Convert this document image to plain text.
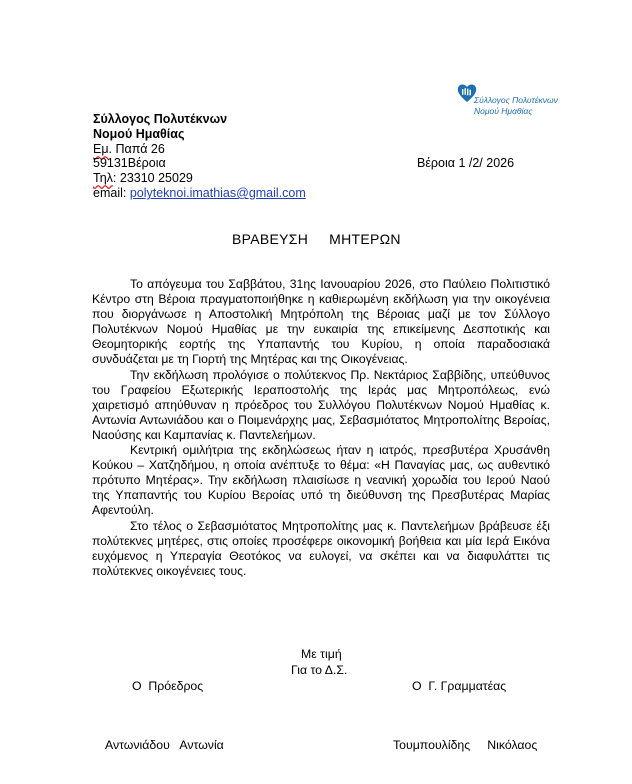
Σύλλογος Πολυτέκνων
Νομού Ημαθίας
Σύλλογος Πολυτέκνων
Νομού Ημαθίας
Εμ. Παπά 26
59131Βέροια
Τηλ: 23310 25029
email: polyteknoi.imathias@gmail.com
Βέροια 1 /2/ 2026
ΒΡΑΒΕΥΣΗ     ΜΗΤΕΡΩΝ

Το απόγευμα του Σαββάτου, 31ης Ιανουαρίου 2026, στο Παύλειο Πολιτιστικό Κέντρο στη Βέροια πραγματοποιήθηκε η καθιερωμένη εκδήλωση για την οικογένεια που διοργάνωσε η Αποστολική Μητρόπολη της Βέροιας μαζί με τον Σύλλογο Πολυτέκνων Νομού Ημαθίας με την ευκαιρία της επικείμενης Δεσποτικής και Θεομητορικής εορτής της Υπαπαντής του Κυρίου, η οποία παραδοσιακά συνδυάζεται με τη Γιορτή της Μητέρας και της Οικογένειας.

Την εκδήλωση προλόγισε ο πολύτεκνος Πρ. Νεκτάριος Σαββίδης, υπεύθυνος του Γραφείου Εξωτερικής Ιεραποστολής της Ιεράς μας Μητροπόλεως, ενώ χαιρετισμό απηύθυναν η πρόεδρος του Συλλόγου Πολυτέκνων Νομού Ημαθίας κ. Αντωνία Αντωνιάδου και ο Ποιμενάρχης μας, Σεβασμιότατος Μητροπολίτης Βεροίας, Ναούσης και Καμπανίας κ. Παντελεήμων.

Κεντρική ομιλήτρια της εκδηλώσεως ήταν η ιατρός, πρεσβυτέρα Χρυσάνθη Κούκου – Χατζηδήμου, η οποία ανέπτυξε το θέμα: «Η Παναγίας μας, ως αυθεντικό πρότυπο Μητέρας». Την εκδήλωση πλαισίωσε η νεανική χορωδία του Ιερού Ναού της Υπαπαντής του Κυρίου Βεροίας υπό τη διεύθυνση της Πρεσβυτέρας Μαρίας Αφεντούλη.

Στο τέλος ο Σεβασμιότατος Μητροπολίτης μας κ. Παντελεήμων βράβευσε έξι πολύτεκνες μητέρες, στις οποίες προσέφερε οικονομική βοήθεια και μία Ιερά Εικόνα ευχόμενος η Υπεραγία Θεοτόκος να ευλογεί, να σκέπει και να διαφυλάττει τις πολύτεκνες οικογένειες τους.

Με τιμή
Για το Δ.Σ.
Ο  Πρόεδρος	Ο  Γ. Γραμματέας
Αντωνιάδου   Αντωνία	Τουμπουλίδης     Νικόλαος
